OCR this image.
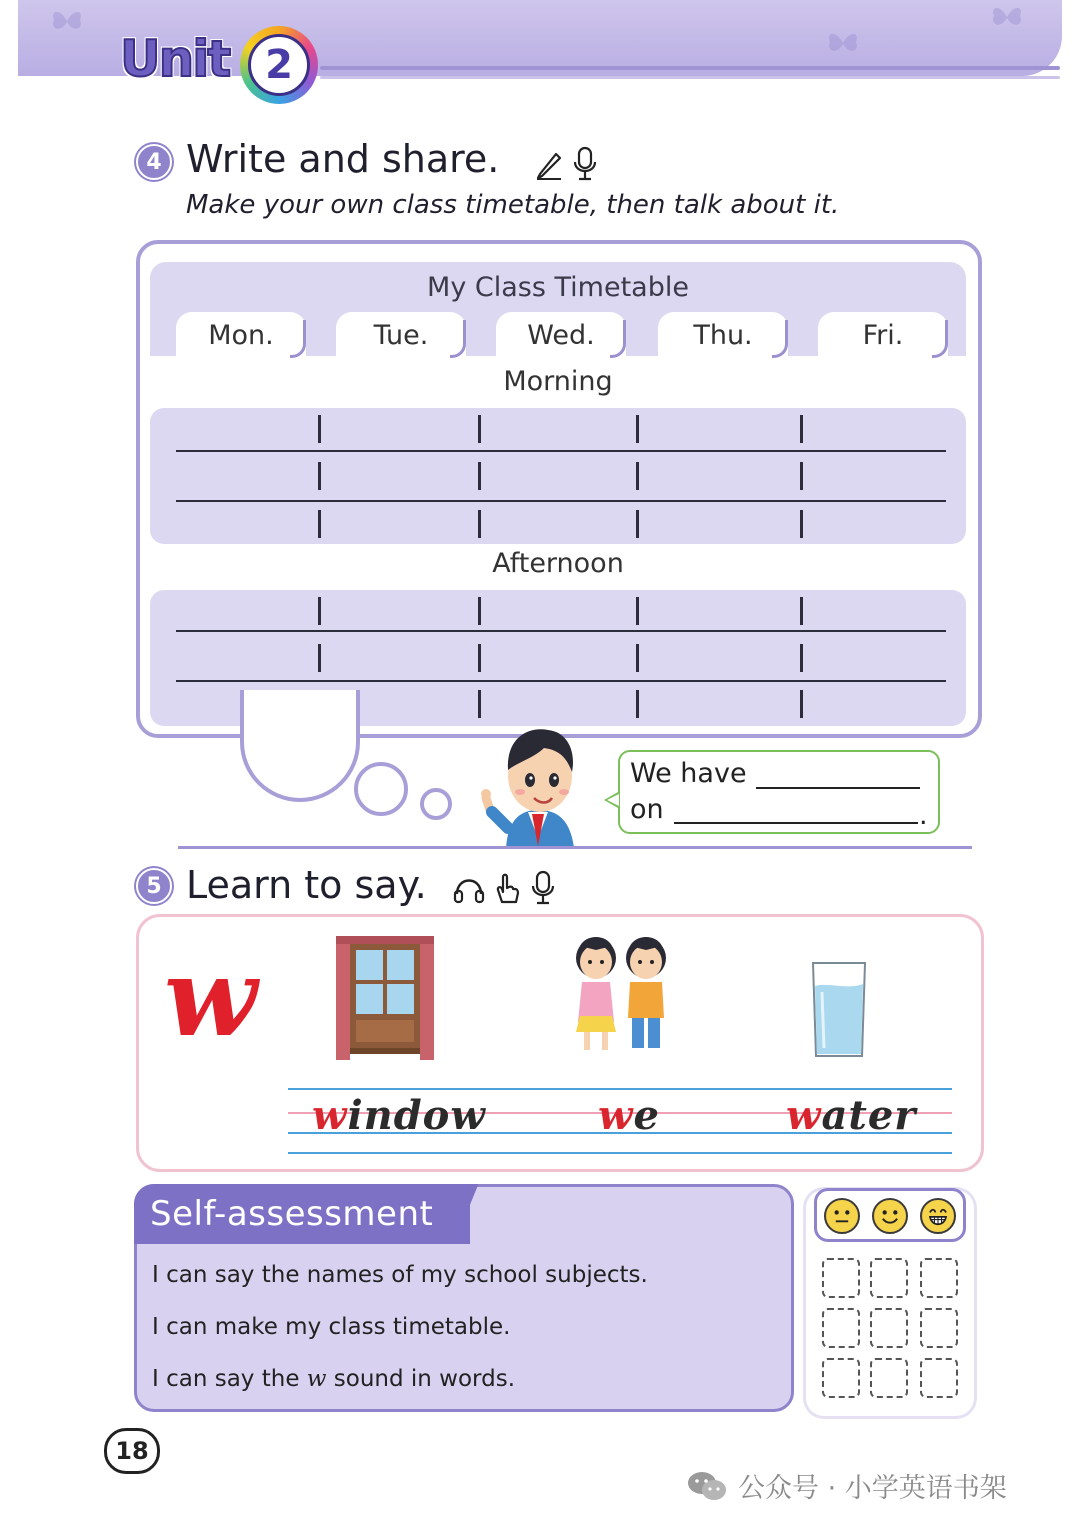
Unit 2
4 Write and share.
Make your own class timetable, then talk about it.
My Class Timetable
Mon.	Tue.	Wed.	Thu.	Fri.
Morning
Afternoon
We have
on	.
5 Learn to say.
w
window	we	water
Self-assessment
I can say the names of my school subjects.
I can make my class timetable.
I can say the w sound in words.
18
公众号 · 小学英语书架
